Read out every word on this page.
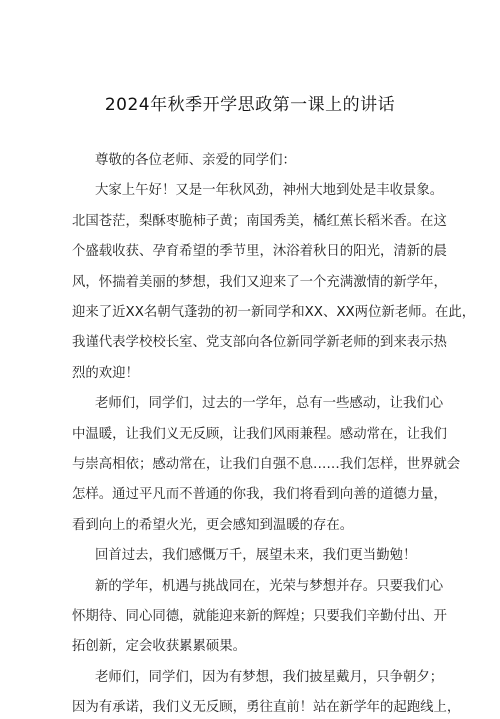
2024年秋季开学思政第一课上的讲话
尊敬的各位老师、亲爱的同学们：
大家上午好！又是一年秋风劲，神州大地到处是丰收景象。
北国苍茫，梨酥枣脆柿子黄；南国秀美，橘红蕉长稻米香。在这
个盛载收获、孕育希望的季节里，沐浴着秋日的阳光，清新的晨
风，怀揣着美丽的梦想，我们又迎来了一个充满激情的新学年，
迎来了近XX名朝气蓬勃的初一新同学和XX、XX两位新老师。在此，
我谨代表学校校长室、党支部向各位新同学新老师的到来表示热
烈的欢迎！
老师们，同学们，过去的一学年，总有一些感动，让我们心
中温暖，让我们义无反顾，让我们风雨兼程。感动常在，让我们
与崇高相依；感动常在，让我们自强不息……我们怎样，世界就会
怎样。通过平凡而不普通的你我，我们将看到向善的道德力量，
看到向上的希望火光，更会感知到温暖的存在。
回首过去，我们感慨万千，展望未来，我们更当勤勉！
新的学年，机遇与挑战同在，光荣与梦想并存。只要我们心
怀期待、同心同德，就能迎来新的辉煌；只要我们辛勤付出、开
拓创新，定会收获累累硕果。
老师们，同学们，因为有梦想，我们披星戴月，只争朝夕；
因为有承诺，我们义无反顾，勇往直前！站在新学年的起跑线上，
